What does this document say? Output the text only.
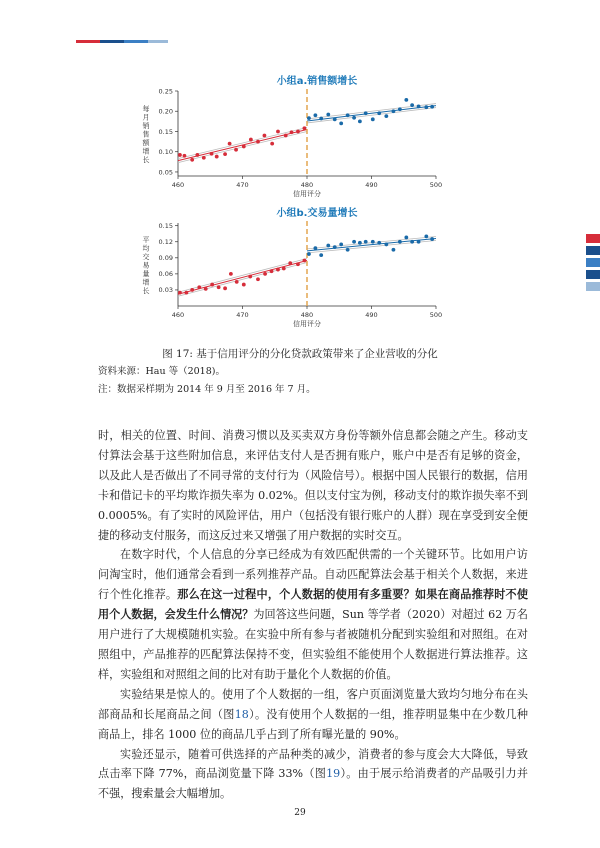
小组a.销售额增长
0.05
0.10
0.15
0.20
0.25
460	470	480	490	500
信用评分
每
月
销
售
额
增
长
小组b.交易量增长
0.03
0.06
0.09
0.12
0.15
460	470	480	490	500
信用评分
平
均
交
易
量
增
长
图 17: 基于信用评分的分化贷款政策带来了企业营收的分化
资料来源：Hau 等（2018)。
注：数据采样期为 2014 年 9 月至 2016 年 7 月。

时，相关的位置、时间、消费习惯以及买卖双方身份等额外信息都会随之产生。移动支付算法会基于这些附加信息，来评估支付人是否拥有账户，账户中是否有足够的资金，以及此人是否做出了不同寻常的支付行为（风险信号）。根据中国人民银行的数据，信用卡和借记卡的平均欺诈损失率为 0.02%。但以支付宝为例，移动支付的欺诈损失率不到 0.0005%。有了实时的风险评估，用户（包括没有银行账户的人群）现在享受到安全便捷的移动支付服务，而这反过来又增强了用户数据的实时交互。

在数字时代，个人信息的分享已经成为有效匹配供需的一个关键环节。比如用户访问淘宝时，他们通常会看到一系列推荐产品。自动匹配算法会基于相关个人数据，来进行个性化推荐。那么在这一过程中，个人数据的使用有多重要？如果在商品推荐时不使用个人数据，会发生什么情况？为回答这些问题，Sun 等学者（2020）对超过 62 万名用户进行了大规模随机实验。在实验中所有参与者被随机分配到实验组和对照组。在对照组中，产品推荐的匹配算法保持不变，但实验组不能使用个人数据进行算法推荐。这样，实验组和对照组之间的比对有助于量化个人数据的价值。

实验结果是惊人的。使用了个人数据的一组，客户页面浏览量大致均匀地分布在头部商品和长尾商品之间（图18）。没有使用个人数据的一组，推荐明显集中在少数几种商品上，排名 1000 位的商品几乎占到了所有曝光量的 90%。

实验还显示，随着可供选择的产品种类的减少，消费者的参与度会大大降低，导致点击率下降 77%，商品浏览量下降 33%（图19）。由于展示给消费者的产品吸引力并不强，搜索量会大幅增加。

29
